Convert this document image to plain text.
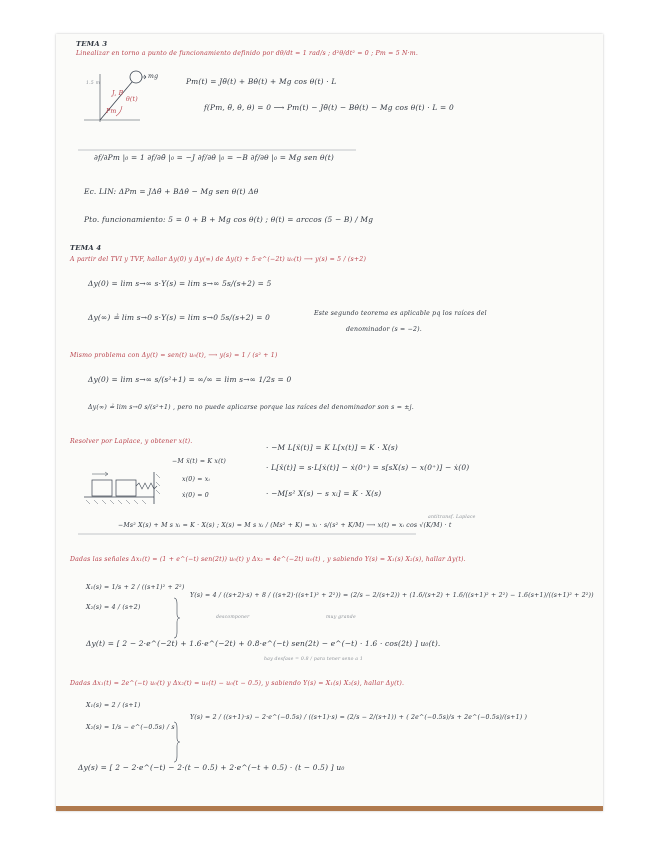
TEMA 3
Linealizar en torno a punto de funcionamiento definido por dθ/dt = 1 rad/s ; d²θ/dt² = 0 ; Pm = 5 N·m.
1.5 m
mg
θ(t)
J, B
Pm
Pm(t) = Jθ̈(t) + Bθ̇(t) + Mg cos θ(t) · L
f(Pm, θ̈, θ̇, θ) = 0 ⟶ Pm(t) − Jθ̈(t) − Bθ̇(t) − Mg cos θ(t) · L = 0
∂f/∂Pm |₀ = 1 ∂f/∂θ̈ |₀ = −J ∂f/∂θ̇ |₀ = −B ∂f/∂θ |₀ = Mg sen θ(t)
Ec. LIN: ΔPm = JΔθ̈ + BΔθ̇ − Mg sen θ(t) Δθ
Pto. funcionamiento: 5 = 0 + B + Mg cos θ(t) ; θ(t) = arccos (5 − B) / Mg
TEMA 4
A partir del TVI y TVF, hallar Δy(0) y Δy(∞) de Δy(t) + 5·e^(−2t) u₀(t) ⟶ y(s) = 5 / (s+2)
Δy(0) = lim s→∞ s·Y(s) = lim s→∞ 5s/(s+2) = 5
Δy(∞) ≟ lim s→0 s·Y(s) = lim s→0 5s/(s+2) = 0	Este segundo teorema es aplicable pq los raíces del
denominador (s = −2).
Mismo problema con Δy(t) = sen(t) u₀(t), ⟶ y(s) = 1 / (s² + 1)
Δy(0) = lim s→∞ s/(s²+1) = ∞/∞ = lim s→∞ 1/2s = 0
Δy(∞) ≟ lim s→0 s/(s²+1) , pero no puede aplicarse porque las raíces del denominador son s = ±j.
Resolver por Laplace, y obtener x(t).
−M ẍ(t) = K x(t)
x(0) = xᵢ
ẋ(0) = 0
· −M L[ẍ(t)] = K L[x(t)] = K · X(s)
· L[ẍ(t)] = s·L[ẋ(t)] − ẋ(0⁺) = s[sX(s) − x(0⁺)] − ẋ(0)
· −M[s² X(s) − s xᵢ] = K · X(s)
−Ms² X(s) + M s xᵢ = K · X(s) ; X(s) = M s xᵢ / (Ms² + K) = xᵢ · s/(s² + K/M) ⟶ x(t) = xᵢ cos √(K/M) · t
antitransf. Laplace
Dadas las señales Δx₁(t) = (1 + e^(−t) sen(2t)) u₀(t) y Δx₂ = 4e^(−2t) u₀(t) , y sabiendo Y(s) = X₁(s) X₂(s), hallar Δy(t).
X₁(s) = 1/s + 2 / ((s+1)² + 2²)
X₂(s) = 4 / (s+2)
Y(s) = 4 / ((s+2)·s) + 8 / ((s+2)·((s+1)² + 2²)) = (2/s − 2/(s+2)) + (1.6/(s+2) + 1.6/((s+1)² + 2²) − 1.6(s+1)/((s+1)² + 2²))
descomponer	muy grande
Δy(t) = [ 2 − 2·e^(−2t) + 1.6·e^(−2t) + 0.8·e^(−t) sen(2t) − e^(−t) · 1.6 · cos(2t) ] u₀(t).
hay desfase = 0.8 / para tener seno a 1
Dadas Δx₁(t) = 2e^(−t) u₀(t) y Δx₂(t) = u₀(t) − u₀(t − 0.5), y sabiendo Y(s) = X₁(s) X₂(s), hallar Δy(t).
X₁(s) = 2 / (s+1)
X₂(s) = 1/s − e^(−0.5s) / s
Y(s) = 2 / ((s+1)·s) − 2·e^(−0.5s) / ((s+1)·s) = (2/s − 2/(s+1)) + ( 2e^(−0.5s)/s + 2e^(−0.5s)/(s+1) )
Δy(s) = [ 2 − 2·e^(−t) − 2·(t − 0.5) + 2·e^(−t + 0.5) · (t − 0.5) ] u₀
